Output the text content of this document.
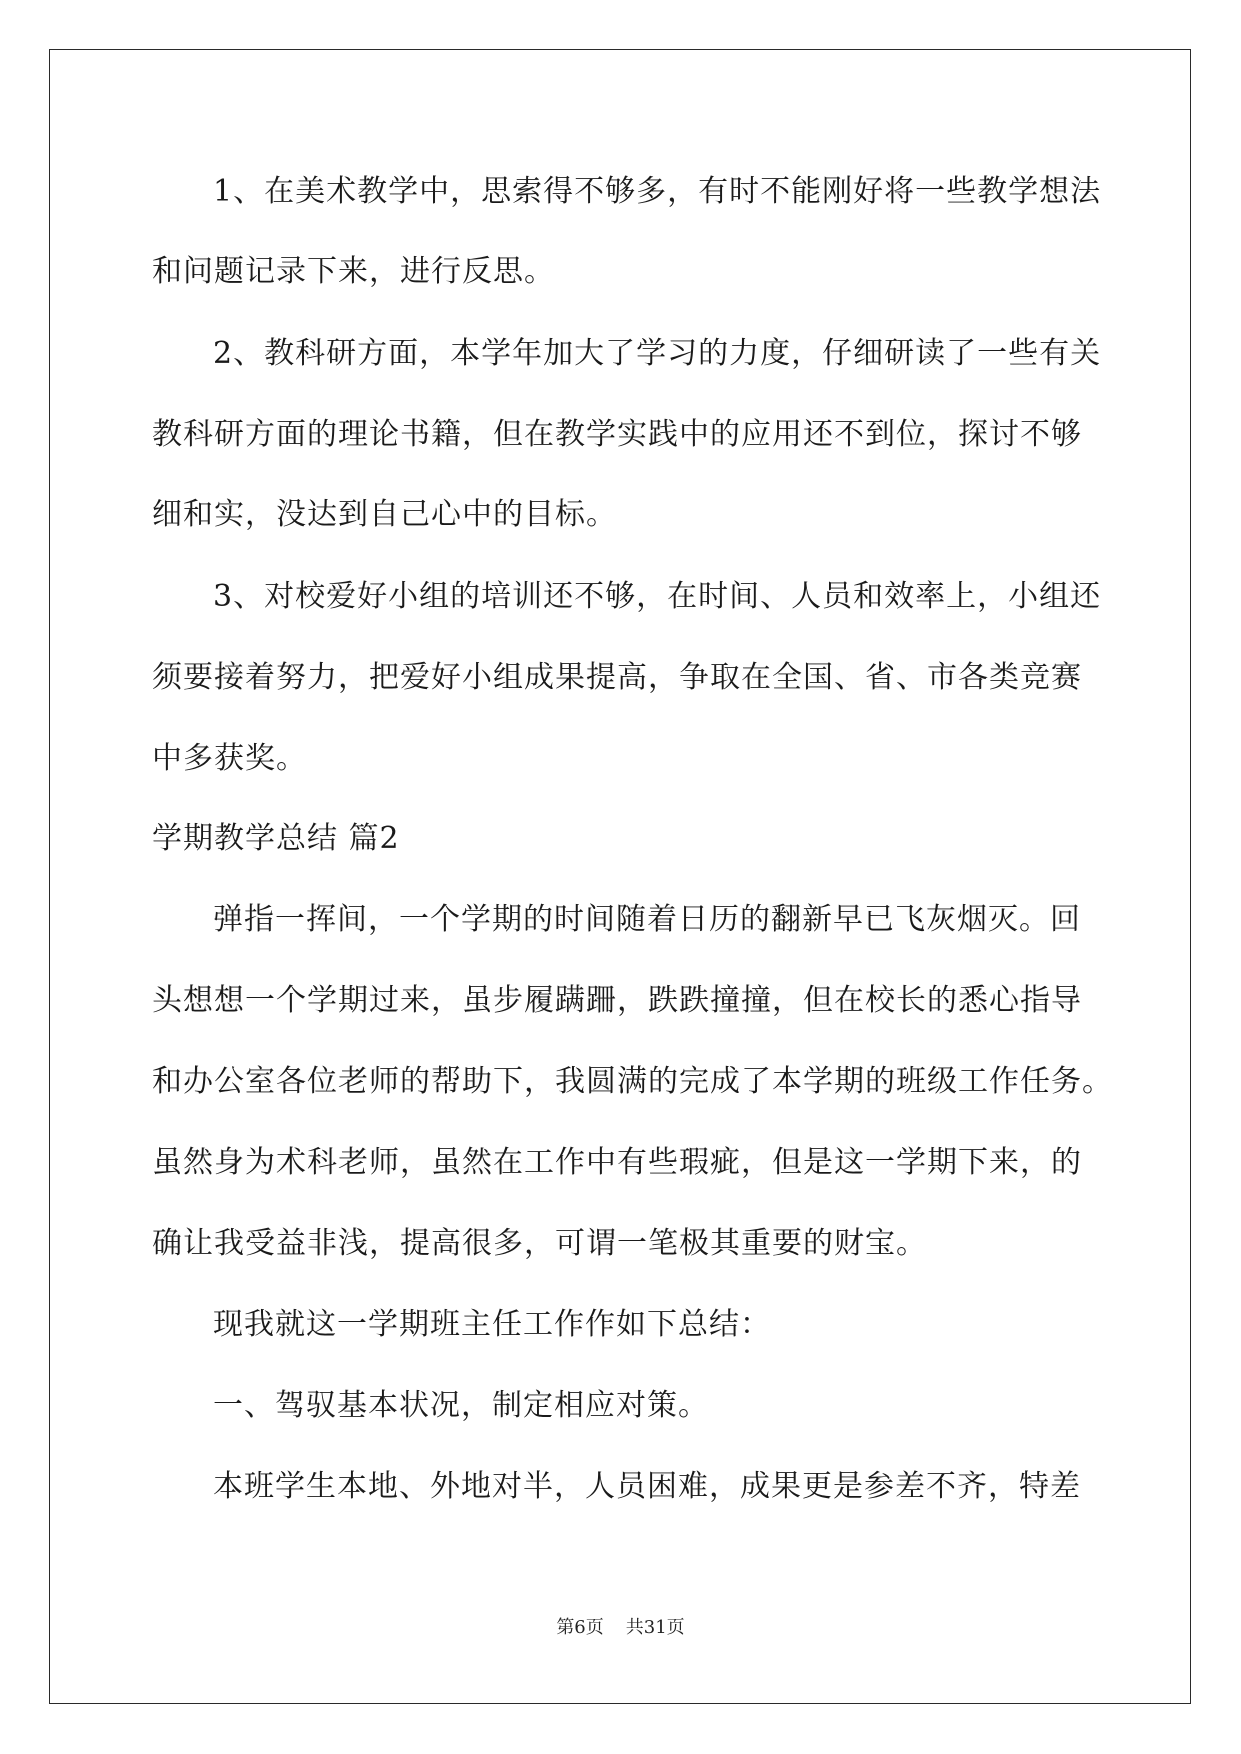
1、在美术教学中，思索得不够多，有时不能刚好将一些教学想法
和问题记录下来，进行反思。
2、教科研方面，本学年加大了学习的力度，仔细研读了一些有关
教科研方面的理论书籍，但在教学实践中的应用还不到位，探讨不够
细和实，没达到自己心中的目标。
3、对校爱好小组的培训还不够，在时间、人员和效率上，小组还
须要接着努力，把爱好小组成果提高，争取在全国、省、市各类竞赛
中多获奖。
学期教学总结 篇2
弹指一挥间，一个学期的时间随着日历的翻新早已飞灰烟灭。回
头想想一个学期过来，虽步履蹒跚，跌跌撞撞，但在校长的悉心指导
和办公室各位老师的帮助下，我圆满的完成了本学期的班级工作任务。
虽然身为术科老师，虽然在工作中有些瑕疵，但是这一学期下来，的
确让我受益非浅，提高很多，可谓一笔极其重要的财宝。
现我就这一学期班主任工作作如下总结：
一、驾驭基本状况，制定相应对策。
本班学生本地、外地对半，人员困难，成果更是参差不齐，特差
第6页 共31页
